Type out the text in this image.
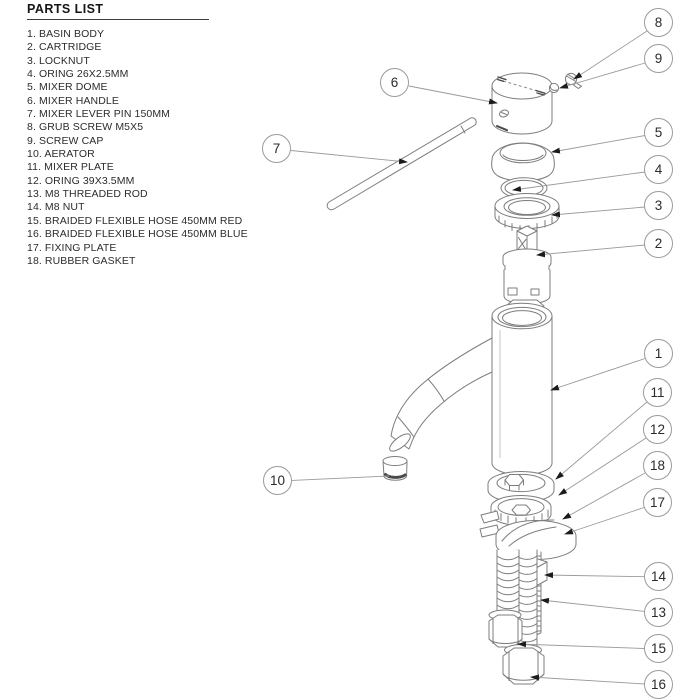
PARTS LIST
1. BASIN BODY
2. CARTRIDGE
3. LOCKNUT
4. ORING 26X2.5MM
5. MIXER DOME
6. MIXER HANDLE
7. MIXER LEVER PIN 150MM
8. GRUB SCREW M5X5
9. SCREW CAP
10. AERATOR
11. MIXER PLATE
12. ORING 39X3.5MM
13. M8 THREADED ROD
14. M8 NUT
15. BRAIDED FLEXIBLE HOSE 450MM RED
16. BRAIDED FLEXIBLE HOSE 450MM BLUE
17. FIXING PLATE
18. RUBBER GASKET
1
2
3
4
5
6
7
8
9
10
11
12
13
14
15
16
17
18
